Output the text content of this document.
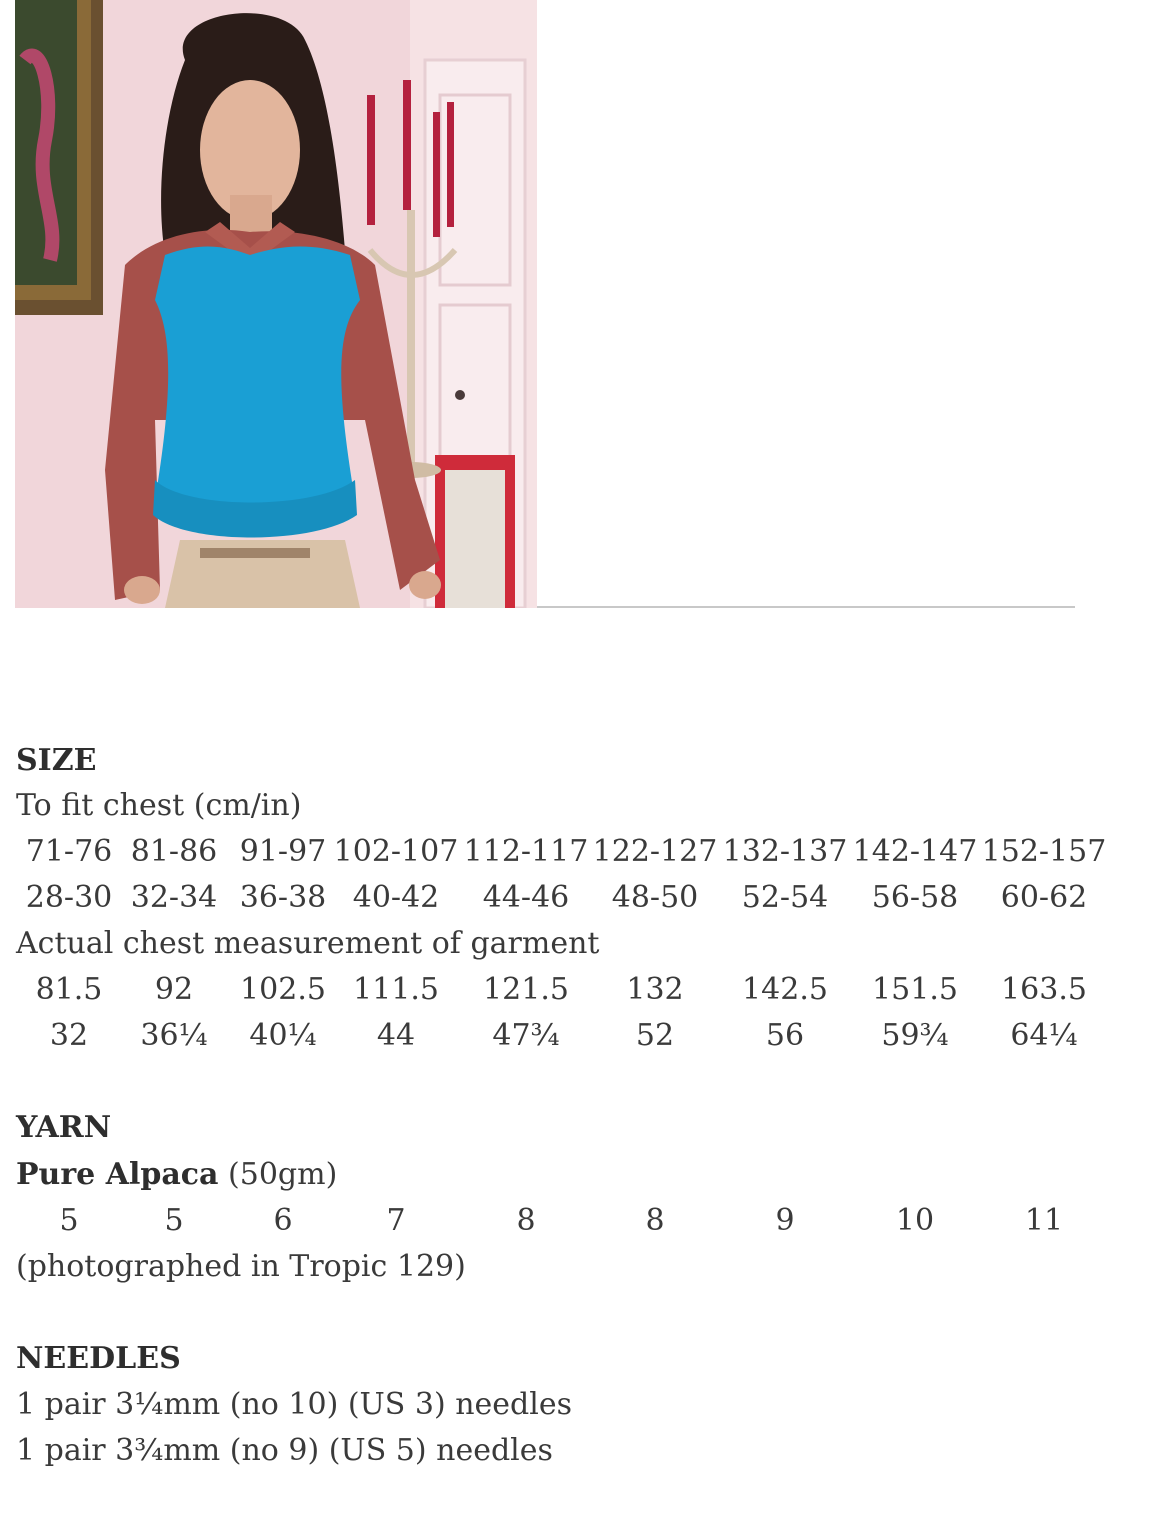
SIZE
To fit chest (cm/in)
71-76 81-86 91-97 102-107 112-117 122-127 132-137 142-147 152-157
28-30 32-34 36-38 40-42 44-46 48-50 52-54 56-58 60-62
Actual chest measurement of garment
81.5 92 102.5 111.5 121.5 132 142.5 151.5 163.5
32 36¼ 40¼ 44	47¾	52	56	59¾ 64¼
YARN
Pure Alpaca (50gm)
5	5	6	7	8	8	9	10	11
(photographed in Tropic 129)
NEEDLES
1 pair 3¼mm (no 10) (US 3) needles
1 pair 3¾mm (no 9) (US 5) needles
